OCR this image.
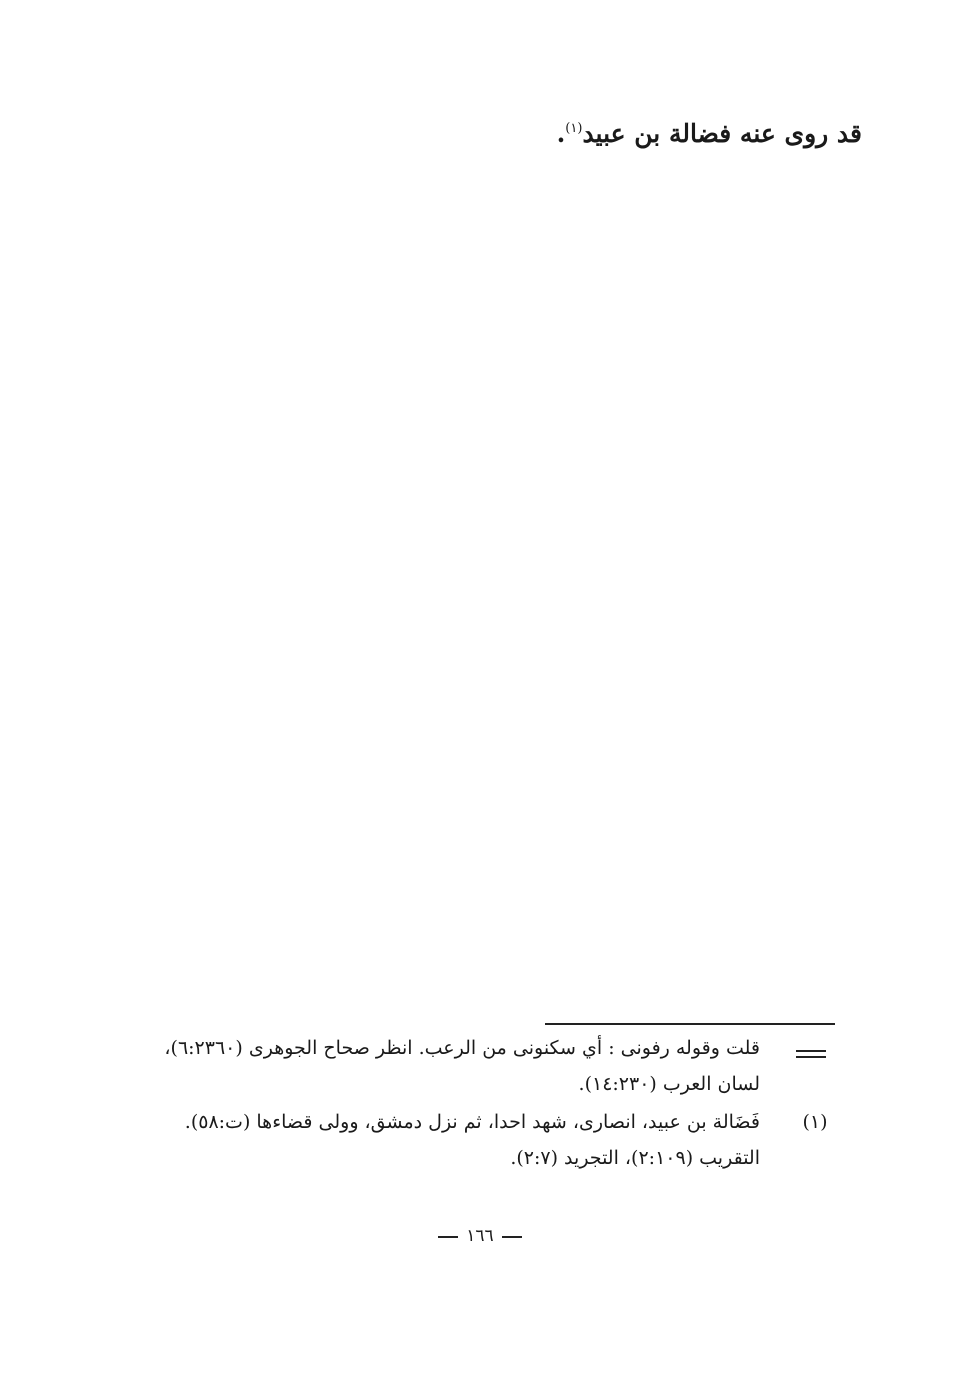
قد روى عنه فضالة بن عبيد$^{(١)}$.
قلت وقوله رفونى : أي سكنونى من الرعب. انظر صحاح الجوهرى (٦:٢٣٦٠)،
لسان العرب (١٤:٢٣٠).
(١)
فَضَالة بن عبيد، انصارى، شهد احدا، ثم نزل دمشق، وولى قضاءها (ت:٥٨).
التقريب (٢:١٠٩)، التجريد (٢:٧).
١٦٦
